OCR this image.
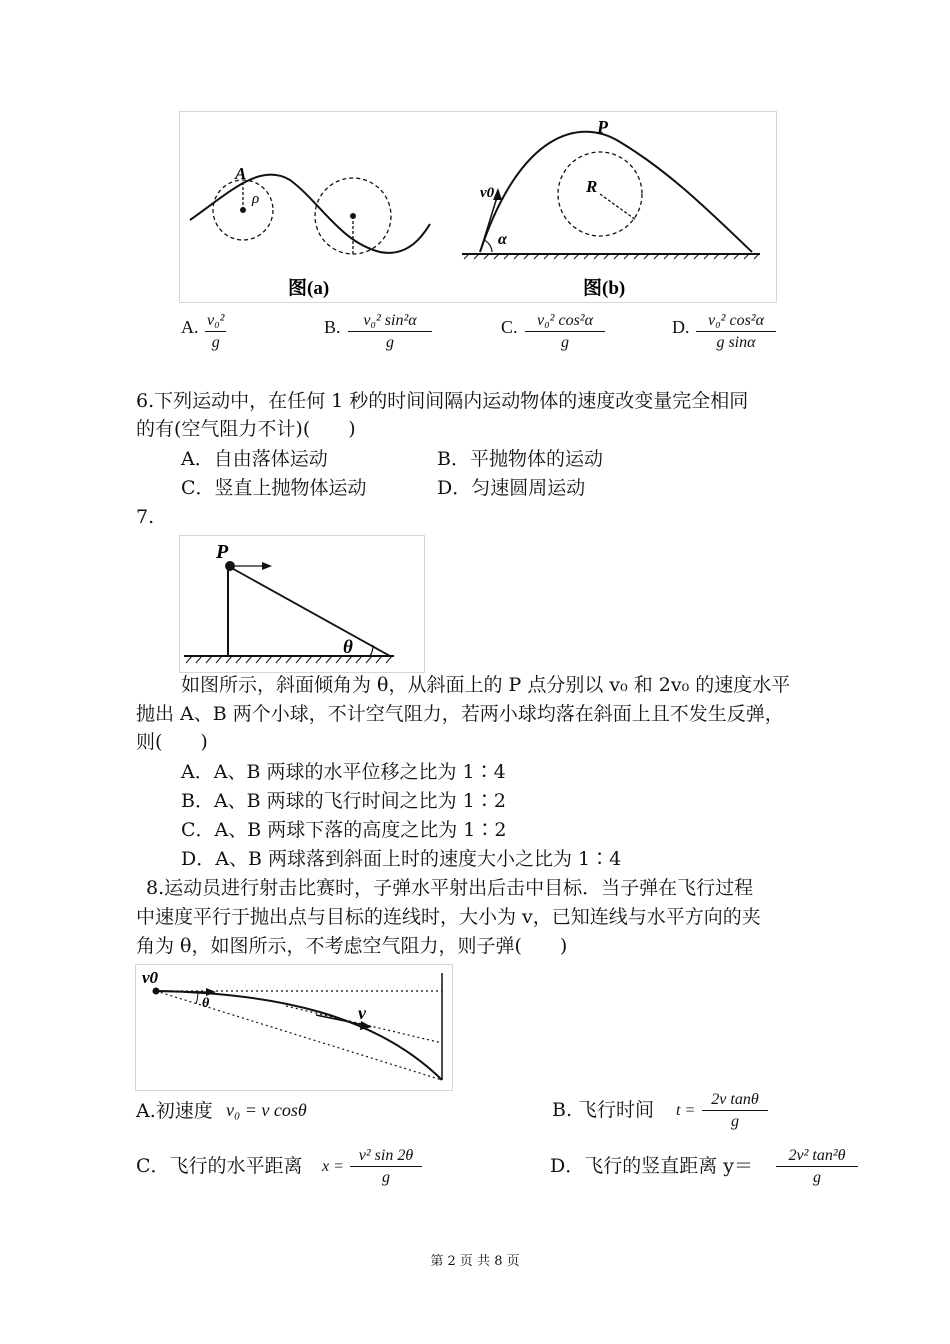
A
ρ
图(a)
P
R
v0
α
图(b)
A. $\frac{\text{v₀²}}{g}$	B. $\frac{\text{v₀² sin²α}}{g}$	C. $\frac{\text{v₀² cos²α}}{g}$	D. $\frac{\text{v₀² cos²α}}{\text{g sinα}}$
6.下列运动中，在任何 1 秒的时间间隔内运动物体的速度改变量完全相同
的有(空气阻力不计)(　　)
A．自由落体运动	B．平抛物体的运动
C．竖直上抛物体运动	D．匀速圆周运动
7.
P
θ
如图所示，斜面倾角为 θ，从斜面上的 P 点分别以 v₀ 和 2v₀ 的速度水平
抛出 A、B 两个小球，不计空气阻力，若两小球均落在斜面上且不发生反弹，
则(　　)
A．A、B 两球的水平位移之比为 1∶4
B．A、B 两球的飞行时间之比为 1∶2
C．A、B 两球下落的高度之比为 1∶2
D．A、B 两球落到斜面上时的速度大小之比为 1∶4
8.运动员进行射击比赛时，子弹水平射出后击中目标．当子弹在飞行过程
中速度平行于抛出点与目标的连线时，大小为 v，已知连线与水平方向的夹
角为 θ，如图所示，不考虑空气阻力，则子弹(　　)
v0
v
θ
A.初速度 v₀ = v cosθ	B. 飞行时间 $t = \frac{\text{2v tanθ}}{g}$
C．飞行的水平距离 $x = \frac{\text{v² sin 2θ}}{g}$	D．飞行的竖直距离 $y= \frac{\text{2v² tan²θ}}{g}$
第 2 页 共 8 页
